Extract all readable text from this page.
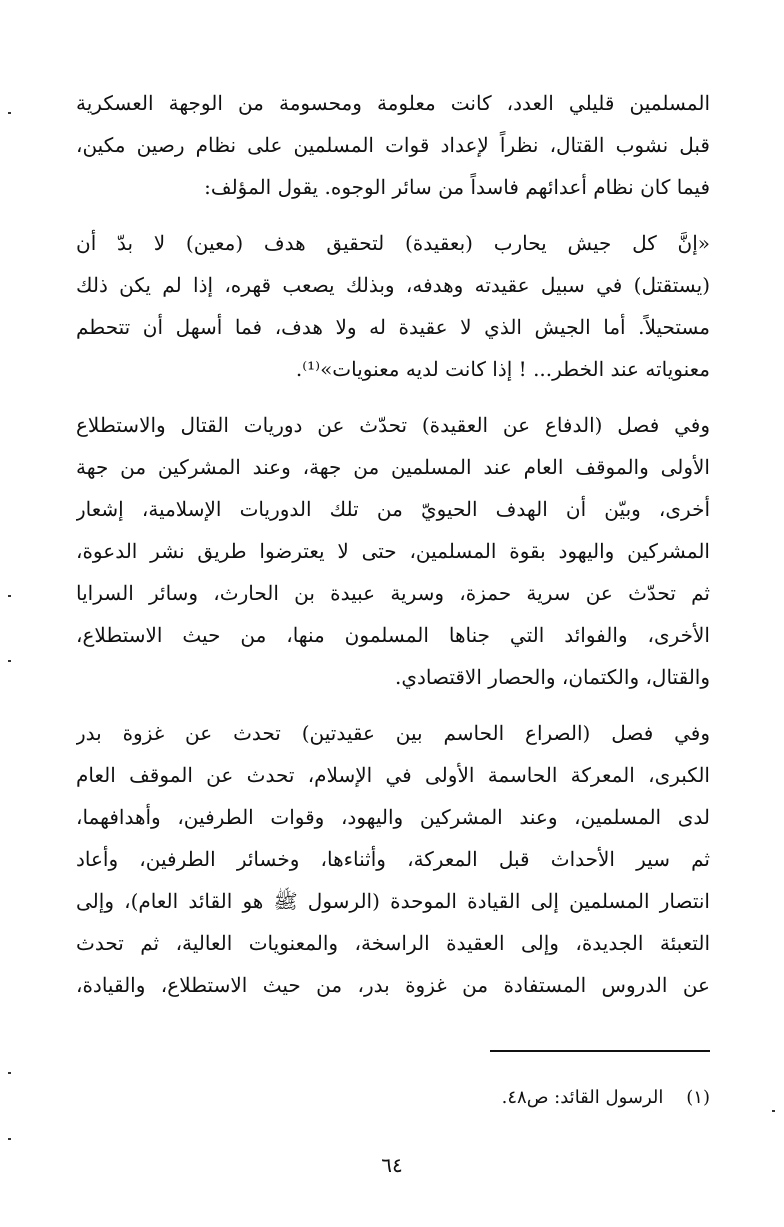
المسلمين قليلي العدد، كانت معلومة ومحسومة من الوجهة العسكرية
قبل نشوب القتال، نظراً لإعداد قوات المسلمين على نظام رصين مكين،
فيما كان نظام أعدائهم فاسداً من سائر الوجوه. يقول المؤلف:
«إنَّ كل جيش يحارب (بعقيدة) لتحقيق هدف (معين) لا بدّ أن
(يستقتل) في سبيل عقيدته وهدفه، وبذلك يصعب قهره، إذا لم يكن ذلك
مستحيلاً. أما الجيش الذي لا عقيدة له ولا هدف، فما أسهل أن تتحطم
معنوياته عند الخطر... ! إذا كانت لديه معنويات»⁽¹⁾.
وفي فصل (الدفاع عن العقيدة) تحدّث عن دوريات القتال والاستطلاع
الأولى والموقف العام عند المسلمين من جهة، وعند المشركين من جهة
أخرى، وبيّن أن الهدف الحيويّ من تلك الدوريات الإسلامية، إشعار
المشركين واليهود بقوة المسلمين، حتى لا يعترضوا طريق نشر الدعوة،
ثم تحدّث عن سرية حمزة، وسرية عبيدة بن الحارث، وسائر السرايا
الأخرى، والفوائد التي جناها المسلمون منها، من حيث الاستطلاع،
والقتال، والكتمان، والحصار الاقتصادي.
وفي فصل (الصراع الحاسم بين عقيدتين) تحدث عن غزوة بدر
الكبرى، المعركة الحاسمة الأولى في الإسلام، تحدث عن الموقف العام
لدى المسلمين، وعند المشركين واليهود، وقوات الطرفين، وأهدافهما،
ثم سير الأحداث قبل المعركة، وأثناءها، وخسائر الطرفين، وأعاد
انتصار المسلمين إلى القيادة الموحدة (الرسول ﷺ هو القائد العام)، وإلى
التعبئة الجديدة، وإلى العقيدة الراسخة، والمعنويات العالية، ثم تحدث
عن الدروس المستفادة من غزوة بدر، من حيث الاستطلاع، والقيادة،
(١)    الرسول القائد: ص٤٨.
٦٤
